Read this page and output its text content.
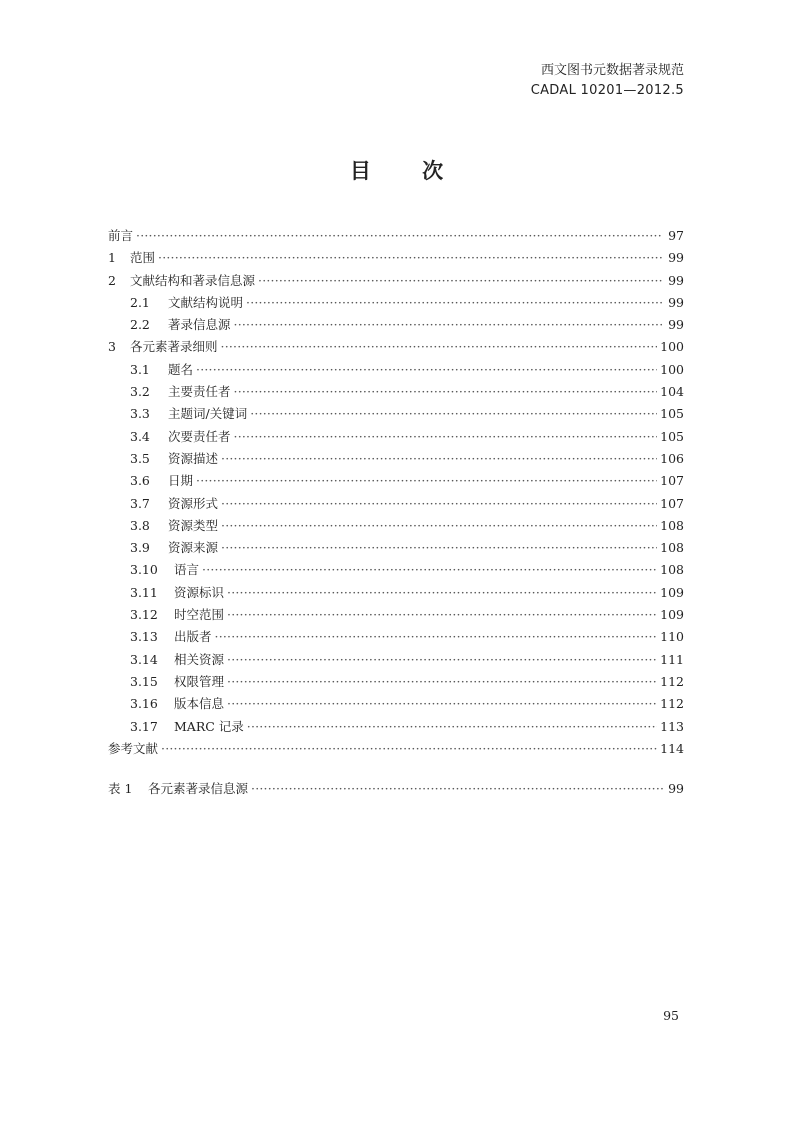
西文图书元数据著录规范
CADAL 10201—2012.5
目 次
前言 ·····	97
1	范围 ·····	99
2	文献结构和著录信息源 ·····	99
2.1	文献结构说明 ·····	99
2.2	著录信息源 ·····	99
3	各元素著录细则 ·····	100
3.1	题名 ·····	100
3.2	主要责任者 ·····	104
3.3	主题词/关键词 ·····	105
3.4	次要责任者 ·····	105
3.5	资源描述 ·····	106
3.6	日期 ·····	107
3.7	资源形式 ·····	107
3.8	资源类型 ·····	108
3.9	资源来源 ·····	108
3.10	语言 ·····	108
3.11	资源标识 ·····	109
3.12	时空范围 ·····	109
3.13	出版者 ·····	110
3.14	相关资源 ·····	111
3.15	权限管理 ·····	112
3.16	版本信息 ·····	112
3.17	MARC 记录 ·····	113
参考文献 ·····	114
表 1	各元素著录信息源 ·····	99
95
